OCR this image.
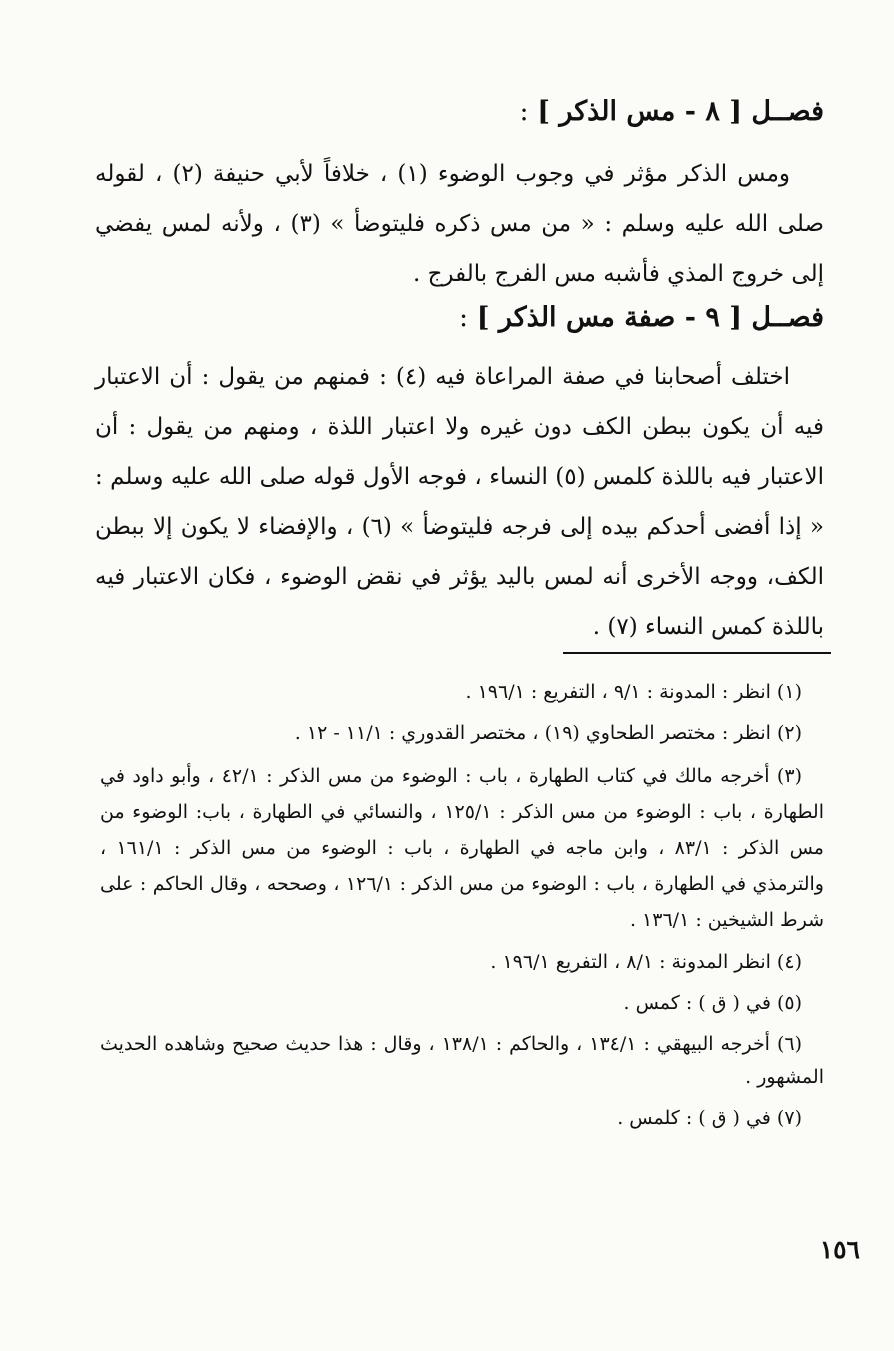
فصــل [ ٨ - مس الذكر ] :

ومس الذكر مؤثر في وجوب الوضوء (١) ، خلافاً لأبي حنيفة (٢) ، لقوله صلى الله عليه وسلم : « من مس ذكره فليتوضأ » (٣) ، ولأنه لمس يفضي إلى خروج المذي فأشبه مس الفرج بالفرج .

فصــل [ ٩ - صفة مس الذكر ] :

اختلف أصحابنا في صفة المراعاة فيه (٤) : فمنهم من يقول : أن الاعتبار فيه أن يكون ببطن الكف دون غيره ولا اعتبار اللذة ، ومنهم من يقول : أن الاعتبار فيه باللذة كلمس (٥) النساء ، فوجه الأول قوله صلى الله عليه وسلم : « إذا أفضى أحدكم بيده إلى فرجه فليتوضأ » (٦) ، والإفضاء لا يكون إلا ببطن الكف، ووجه الأخرى أنه لمس باليد يؤثر في نقض الوضوء ، فكان الاعتبار فيه باللذة كمس النساء (٧) .

(١) انظر : المدونة : ٩/١ ، التفريع : ١٩٦/١ .

(٢) انظر : مختصر الطحاوي (١٩) ، مختصر القدوري : ١١/١ - ١٢ .

(٣) أخرجه مالك في كتاب الطهارة ، باب : الوضوء من مس الذكر : ٤٢/١ ، وأبو داود في الطهارة ، باب : الوضوء من مس الذكر : ١٢٥/١ ، والنسائي في الطهارة ، باب: الوضوء من مس الذكر : ٨٣/١ ، وابن ماجه في الطهارة ، باب : الوضوء من مس الذكر : ١٦١/١ ، والترمذي في الطهارة ، باب : الوضوء من مس الذكر : ١٢٦/١ ، وصححه ، وقال الحاكم : على شرط الشيخين : ١٣٦/١ .

(٤) انظر المدونة : ٨/١ ، التفريع ١٩٦/١ .

(٥) في ( ق ) : كمس .

(٦) أخرجه البيهقي : ١٣٤/١ ، والحاكم : ١٣٨/١ ، وقال : هذا حديث صحيح وشاهده الحديث المشهور .

(٧) في ( ق ) : كلمس .

١٥٦
